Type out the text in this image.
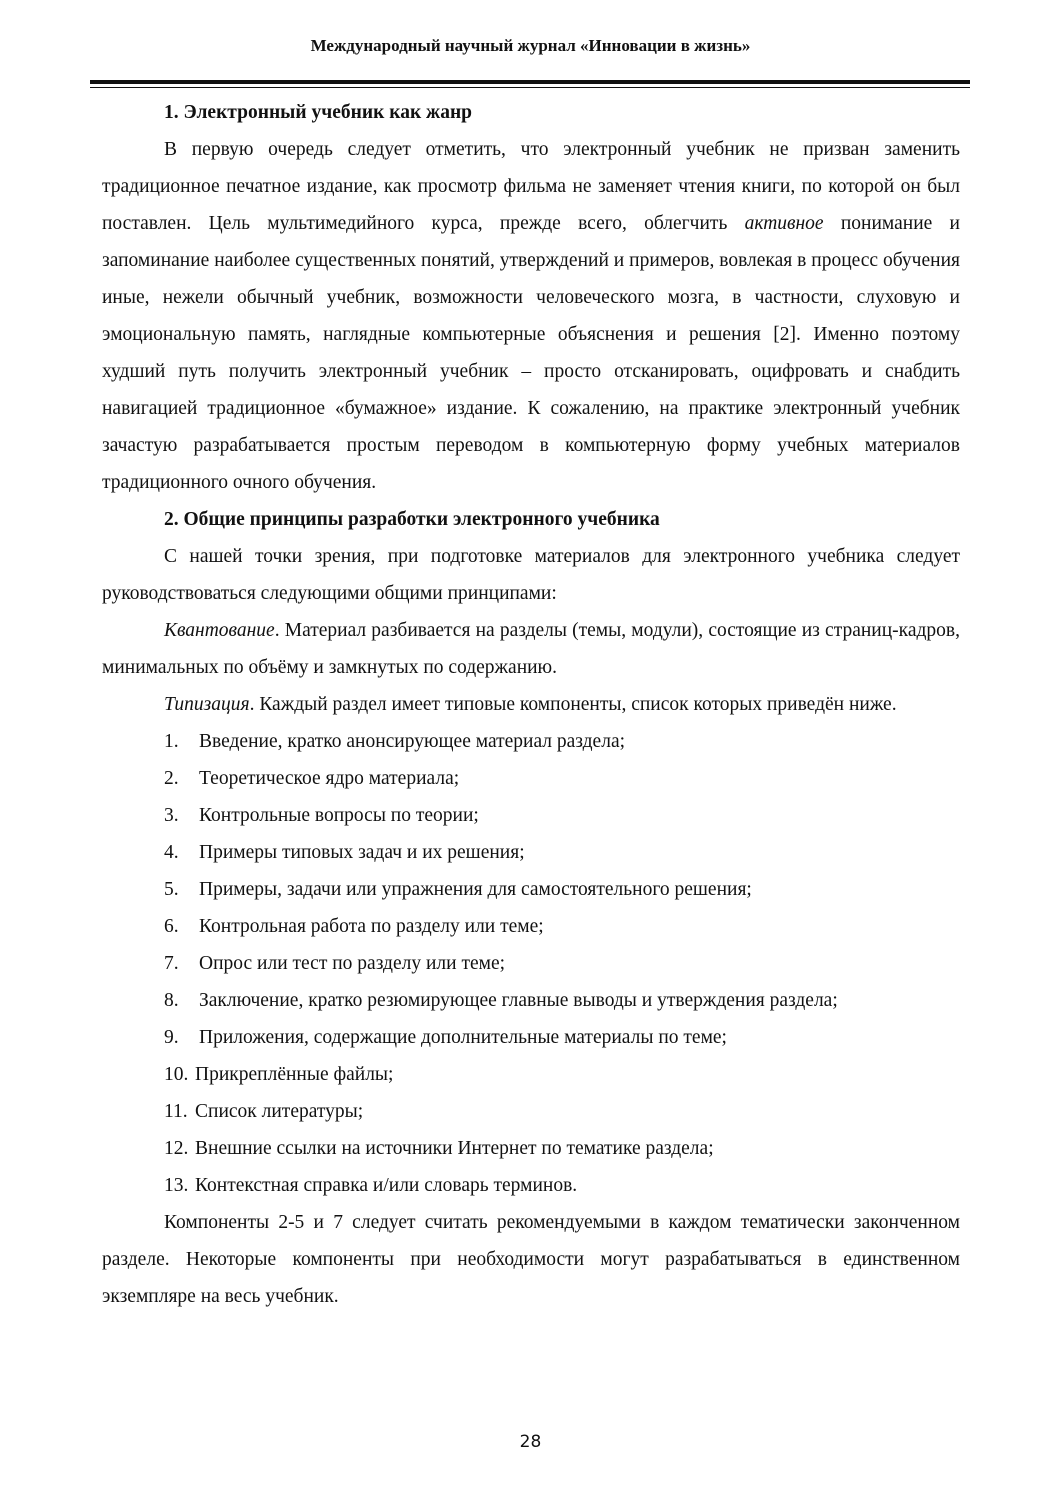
Международный научный журнал «Инновации в жизнь»

1. Электронный учебник как жанр

В первую очередь следует отметить, что электронный учебник не призван заменить традиционное печатное издание, как просмотр фильма не заменяет чтения книги, по которой он был поставлен. Цель мультимедийного курса, прежде всего, облегчить активное понимание и запоминание наиболее существенных понятий, утверждений и примеров, вовлекая в процесс обучения иные, нежели обычный учебник, возможности человеческого мозга, в частности, слуховую и эмоциональную память, наглядные компьютерные объяснения и решения [2]. Именно поэтому худший путь получить электронный учебник – просто отсканировать, оцифровать и снабдить навигацией традиционное «бумажное» издание. К сожалению, на практике электронный учебник зачастую разрабатывается простым переводом в компьютерную форму учебных материалов традиционного очного обучения.

2. Общие принципы разработки электронного учебника

С нашей точки зрения, при подготовке материалов для электронного учебника следует руководствоваться следующими общими принципами:

Квантование. Материал разбивается на разделы (темы, модули), состоящие из страниц-кадров, минимальных по объёму и замкнутых по содержанию.

Типизация. Каждый раздел имеет типовые компоненты, список которых приведён ниже.

1. Введение, кратко анонсирующее материал раздела;
2. Теоретическое ядро материала;
3. Контрольные вопросы по теории;
4. Примеры типовых задач и их решения;
5. Примеры, задачи или упражнения для самостоятельного решения;
6. Контрольная работа по разделу или теме;
7. Опрос или тест по разделу или теме;
8. Заключение, кратко резюмирующее главные выводы и утверждения раздела;
9. Приложения, содержащие дополнительные материалы по теме;
10. Прикреплённые файлы;
11. Список литературы;
12. Внешние ссылки на источники Интернет по тематике раздела;
13. Контекстная справка и/или словарь терминов.

Компоненты 2-5 и 7 следует считать рекомендуемыми в каждом тематически законченном разделе. Некоторые компоненты при необходимости могут разрабатываться в единственном экземпляре на весь учебник.

28
